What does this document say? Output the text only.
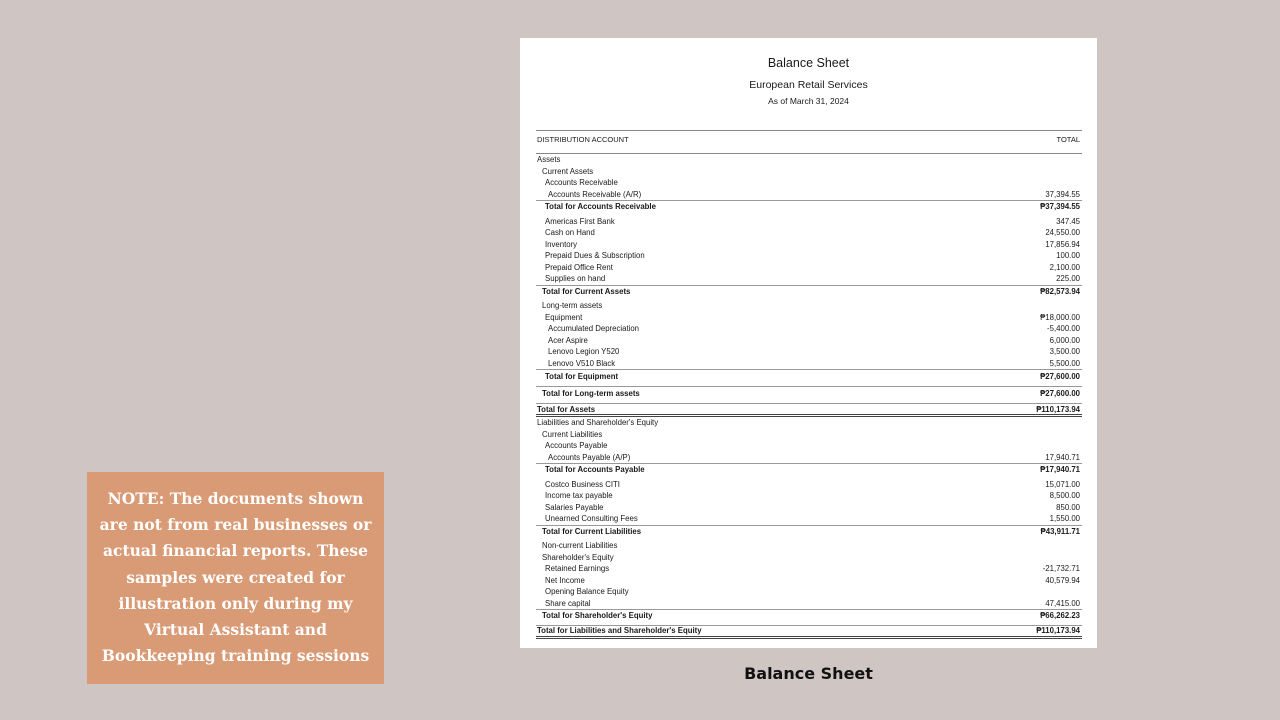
NOTE: The documents shown are not from real businesses or actual financial reports. These samples were created for illustration only during my Virtual Assistant and Bookkeeping training sessions
Balance Sheet
European Retail Services
As of March 31, 2024
DISTRIBUTION ACCOUNT	TOTAL
Assets
Current Assets
Accounts Receivable
Accounts Receivable (A/R)	37,394.55
Total for Accounts Receivable	₱37,394.55
Americas First Bank	347.45
Cash on Hand	24,550.00
Inventory	17,856.94
Prepaid Dues & Subscription	100.00
Prepaid Office Rent	2,100.00
Supplies on hand	225.00
Total for Current Assets	₱82,573.94
Long-term assets
Equipment	₱18,000.00
Accumulated Depreciation	-5,400.00
Acer Aspire	6,000.00
Lenovo Legion Y520	3,500.00
Lenovo V510 Black	5,500.00
Total for Equipment	₱27,600.00
Total for Long-term assets	₱27,600.00
Total for Assets	₱110,173.94
Liabilities and Shareholder's Equity
Current Liabilities
Accounts Payable
Accounts Payable (A/P)	17,940.71
Total for Accounts Payable	₱17,940.71
Costco Business CITI	15,071.00
Income tax payable	8,500.00
Salaries Payable	850.00
Unearned Consulting Fees	1,550.00
Total for Current Liabilities	₱43,911.71
Non-current Liabilities
Shareholder's Equity
Retained Earnings	-21,732.71
Net Income	40,579.94
Opening Balance Equity
Share capital	47,415.00
Total for Shareholder's Equity	₱66,262.23
Total for Liabilities and Shareholder's Equity	₱110,173.94
Balance Sheet
